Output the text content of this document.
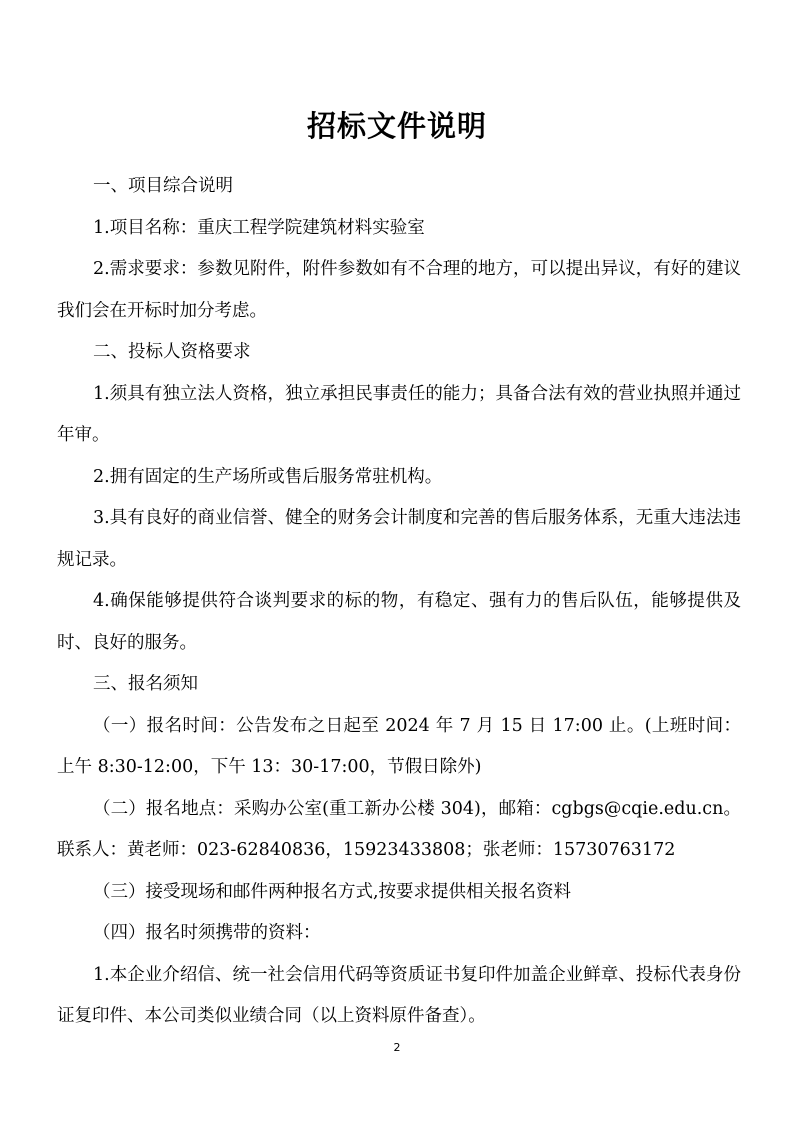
招标文件说明

一、项目综合说明

1.项目名称：重庆工程学院建筑材料实验室

2.需求要求：参数见附件，附件参数如有不合理的地方，可以提出异议，有好的建议我们会在开标时加分考虑。

二、投标人资格要求

1.须具有独立法人资格，独立承担民事责任的能力；具备合法有效的营业执照并通过年审。

2.拥有固定的生产场所或售后服务常驻机构。

3.具有良好的商业信誉、健全的财务会计制度和完善的售后服务体系，无重大违法违规记录。

4.确保能够提供符合谈判要求的标的物，有稳定、强有力的售后队伍，能够提供及时、良好的服务。

三、报名须知

（一）报名时间：公告发布之日起至 2024 年 7 月 15 日 17:00 止。(上班时间：上午 8:30-12:00，下午 13：30-17:00，节假日除外)

（二）报名地点：采购办公室(重工新办公楼 304)，邮箱：cgbgs@cqie.edu.cn。联系人：黄老师：023-62840836，15923433808；张老师：15730763172

（三）接受现场和邮件两种报名方式,按要求提供相关报名资料

（四）报名时须携带的资料：

1.本企业介绍信、统一社会信用代码等资质证书复印件加盖企业鲜章、投标代表身份证复印件、本公司类似业绩合同（以上资料原件备查）。

2
